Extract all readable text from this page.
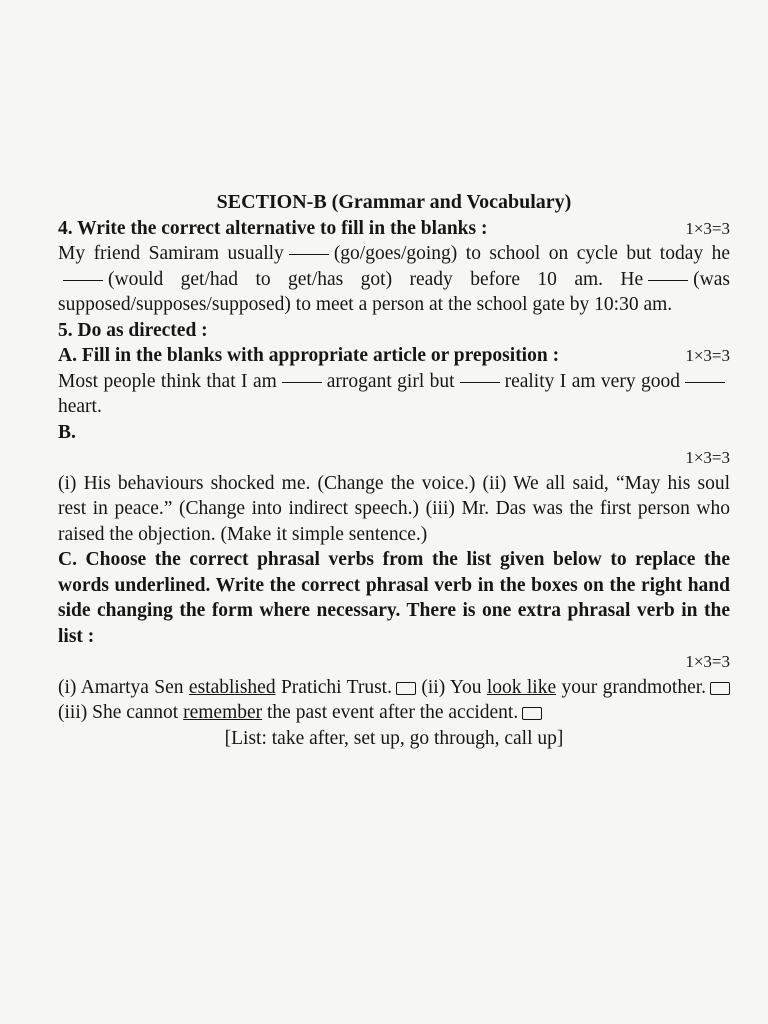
SECTION-B (Grammar and Vocabulary)
4. Write the correct alternative to fill in the blanks :	1×3=3
My friend Samiram usually	(go/goes/going) to school on cycle but today he(would get/had to get/has got) ready before 10 am. He	(was supposed/supposes/supposed) to meet a person at the school gate by 10:30 am.
5. Do as directed :
A. Fill in the blanks with appropriate article or preposition :	1×3=3
Most people think that I am	arrogant girl but	reality I am very goodheart.
B.
1×3=3
(i) His behaviours shocked me. (Change the voice.) (ii) We all said, “May his soul rest in peace.” (Change into indirect speech.) (iii) Mr. Das was the first person who raised the objection. (Make it simple sentence.)
C. Choose the correct phrasal verbs from the list given below to replace the words underlined. Write the correct phrasal verb in the boxes on the right hand side changing the form where necessary. There is one extra phrasal verb in the list :
1×3=3
(i) Amartya Sen established Pratichi Trust. (ii) You look like your grandmother. (iii) She cannot remember the past event after the accident.
[List: take after, set up, go through, call up]
